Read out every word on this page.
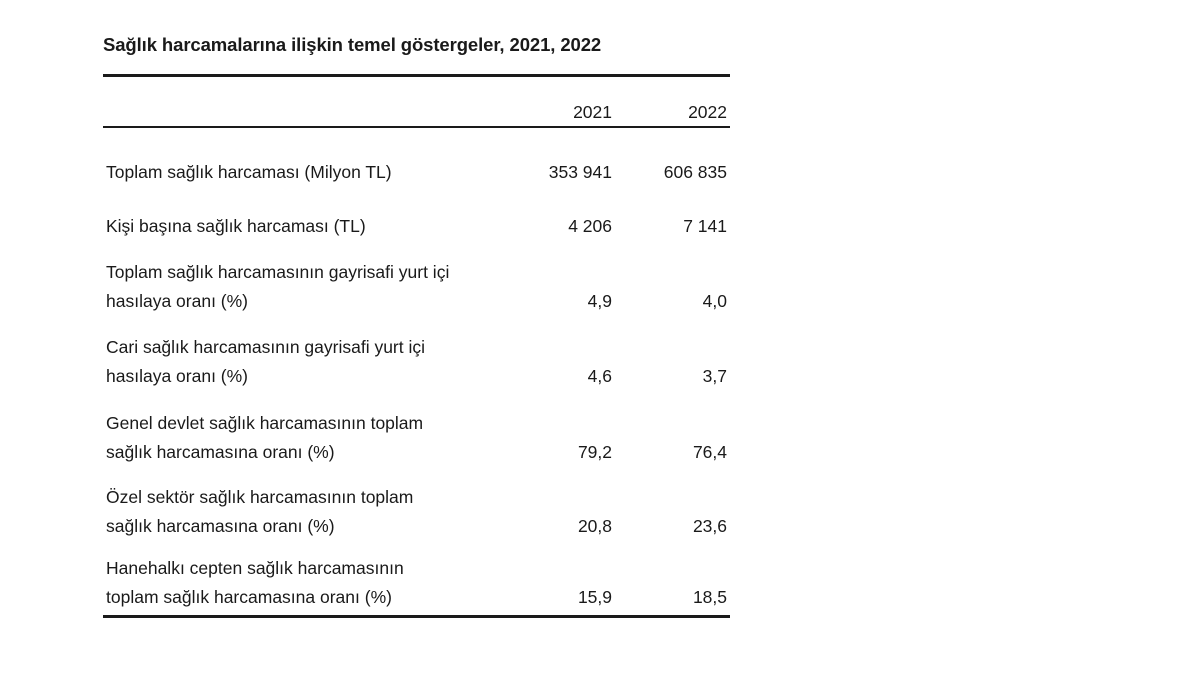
Sağlık harcamalarına ilişkin temel göstergeler, 2021, 2022
2021	2022
Toplam sağlık harcaması (Milyon TL)	353 941	606 835
Kişi başına sağlık harcaması (TL)	4 206	7 141
Toplam sağlık harcamasının gayrisafi yurt içi
hasılaya oranı (%)	4,9	4,0
Cari sağlık harcamasının gayrisafi yurt içi
hasılaya oranı (%)	4,6	3,7
Genel devlet sağlık harcamasının toplam
sağlık harcamasına oranı (%)	79,2	76,4
Özel sektör sağlık harcamasının toplam
sağlık harcamasına oranı (%)	20,8	23,6
Hanehalkı cepten sağlık harcamasının
toplam sağlık harcamasına oranı (%)	15,9	18,5
